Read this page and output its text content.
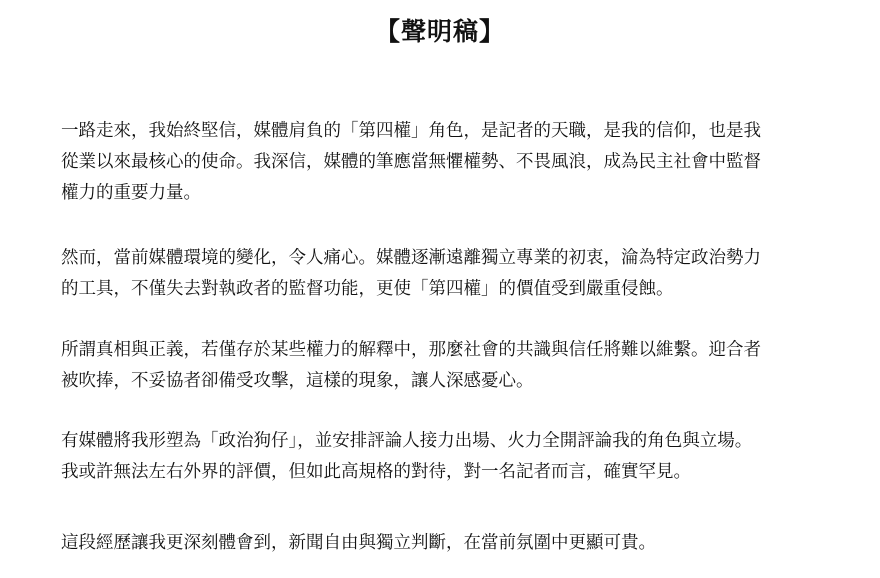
【聲明稿】
一路走來，我始終堅信，媒體肩負的「第四權」角色，是記者的天職，是我的信仰，也是我
從業以來最核心的使命。我深信，媒體的筆應當無懼權勢、不畏風浪，成為民主社會中監督
權力的重要力量。
然而，當前媒體環境的變化，令人痛心。媒體逐漸遠離獨立專業的初衷，淪為特定政治勢力
的工具，不僅失去對執政者的監督功能，更使「第四權」的價值受到嚴重侵蝕。
所謂真相與正義，若僅存於某些權力的解釋中，那麼社會的共識與信任將難以維繫。迎合者
被吹捧，不妥協者卻備受攻擊，這樣的現象，讓人深感憂心。
有媒體將我形塑為「政治狗仔」，並安排評論人接力出場、火力全開評論我的角色與立場。
我或許無法左右外界的評價，但如此高規格的對待，對一名記者而言，確實罕見。
這段經歷讓我更深刻體會到，新聞自由與獨立判斷，在當前氛圍中更顯可貴。
